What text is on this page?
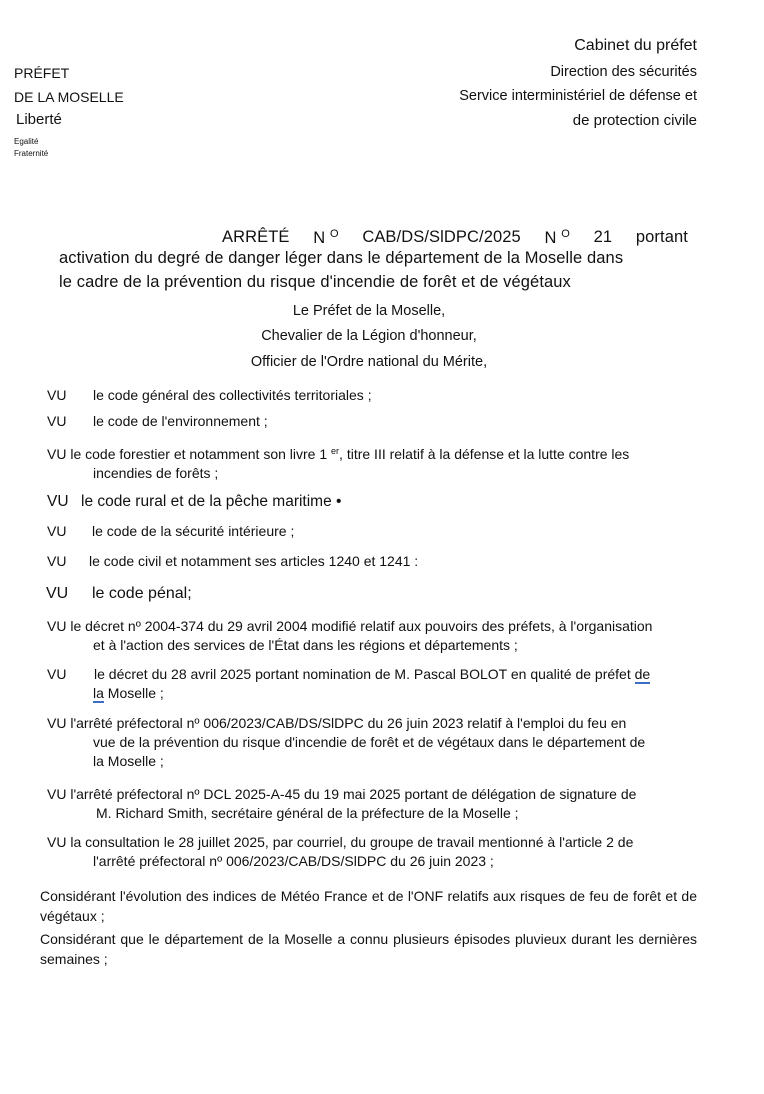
Cabinet du préfet
Direction des sécurités
Service interministériel de défense et
de protection civile
PRÉFET
DE LA MOSELLE
Liberté
Egalité
Fraternité
ARRÊTÉ N $^O$ CAB/DS/SlDPC/2025 N $^O$ 21 portant
activation du degré de danger léger dans le département de la Moselle dans
le cadre de la prévention du risque d'incendie de forêt et de végétaux
Le Préfet de la Moselle,
Chevalier de la Légion d'honneur,
Officier de l'Ordre national du Mérite,
VU le code général des collectivités territoriales ;
VU le code de l'environnement ;
VU le code forestier et notamment son livre 1 $^{er}$, titre III relatif à la défense et la lutte contre les
incendies de forêts ;
VU le code rural et de la pêche maritime •
VU le code de la sécurité intérieure ;
VU le code civil et notamment ses articles 1240 et 1241 :
VU le code pénal;
VU le décret nº 2004-374 du 29 avril 2004 modifié relatif aux pouvoirs des préfets, à l'organisation
et à l'action des services de l'État dans les régions et départements ;
VU le décret du 28 avril 2025 portant nomination de M. Pascal BOLOT en qualité de préfet de
la Moselle ;
VU l'arrêté préfectoral nº 006/2023/CAB/DS/SlDPC du 26 juin 2023 relatif à l'emploi du feu en
vue de la prévention du risque d'incendie de forêt et de végétaux dans le département de
la Moselle ;
VU l'arrêté préfectoral nº DCL 2025-A-45 du 19 mai 2025 portant de délégation de signature de
M. Richard Smith, secrétaire général de la préfecture de la Moselle ;
VU la consultation le 28 juillet 2025, par courriel, du groupe de travail mentionné à l'article 2 de
l'arrêté préfectoral nº 006/2023/CAB/DS/SlDPC du 26 juin 2023 ;
Considérant l'évolution des indices de Météo France et de l'ONF relatifs aux risques de feu de forêt et de végétaux ;
Considérant que le département de la Moselle a connu plusieurs épisodes pluvieux durant les dernières semaines ;
